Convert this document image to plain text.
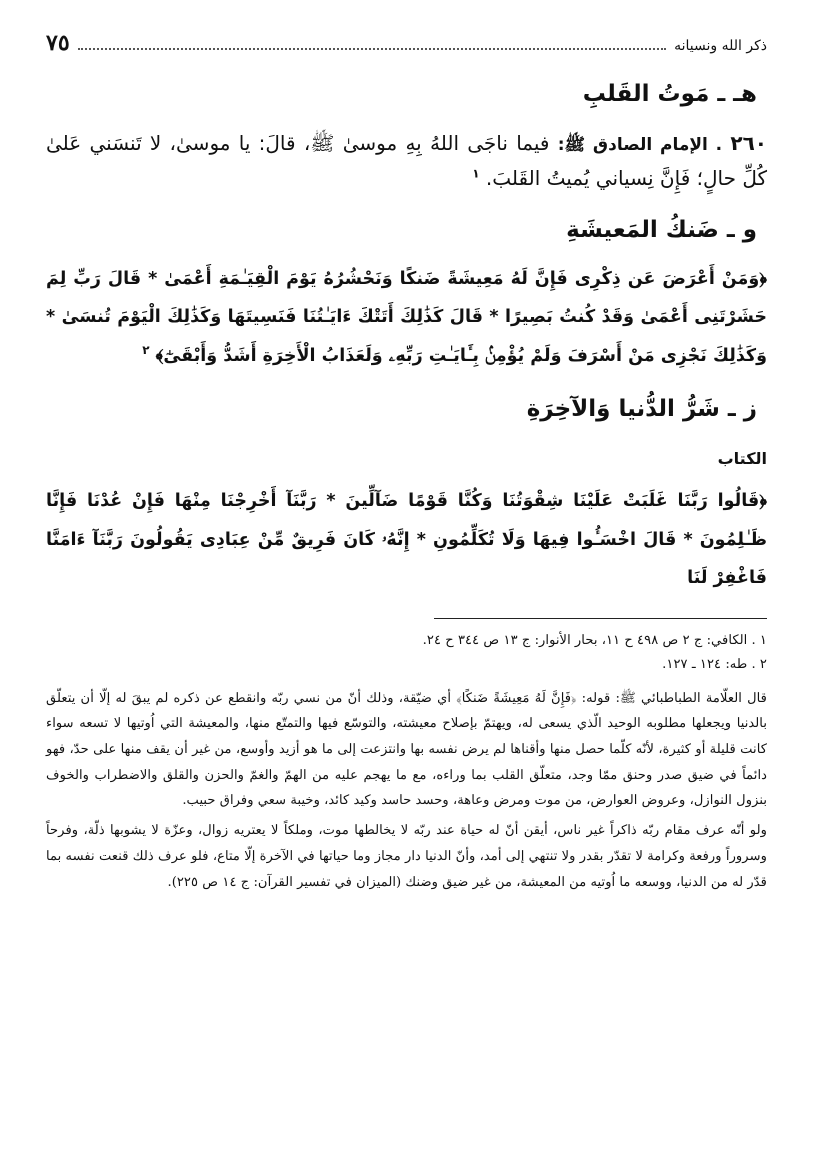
ذكر الله ونسيانه
٧٥
هـ ـ مَوتُ القَلبِ

٢٦٠ . الإمام الصادق ﷺ: فيما ناجَى اللهُ بِهِ موسىٰ ﷺ، قالَ: يا موسىٰ، لا تَنسَني عَلىٰ كُلِّ حالٍ؛ فَإِنَّ نِسياني يُميتُ القَلبَ. $^١$

و ـ ضَنكُ المَعيشَةِ

﴿وَمَنْ أَعْرَضَ عَن ذِكْرِى فَإِنَّ لَهُ مَعِيشَةً ضَنكًا وَنَحْشُرُهُ يَوْمَ الْقِيَـٰمَةِ أَعْمَىٰ * قَالَ رَبِّ لِمَ حَشَرْتَنِى أَعْمَىٰ وَقَدْ كُنتُ بَصِيرًا * قَالَ كَذَٰلِكَ أَتَتْكَ ءَايَـٰتُنَا فَنَسِيتَهَا وَكَذَٰلِكَ الْيَوْمَ تُنسَىٰ * وَكَذَٰلِكَ نَجْزِى مَنْ أَسْرَفَ وَلَمْ يُؤْمِنۢ بِـَٔايَـٰتِ رَبِّهِۦ وَلَعَذَابُ الْأَخِرَةِ أَشَدُّ وَأَبْقَىٰٓ﴾ $^٢$

ز ـ شَرُّ الدُّنيا وَالآخِرَةِ
الكتاب

﴿قَالُوا رَبَّنَا غَلَبَتْ عَلَيْنَا شِقْوَتُنَا وَكُنَّا قَوْمًا ضَآلِّينَ * رَبَّنَآ أَخْرِجْنَا مِنْهَا فَإِنْ عُدْنَا فَإِنَّا ظَـٰلِمُونَ * قَالَ اخْسَـُٔوا فِيهَا وَلَا تُكَلِّمُونِ * إِنَّهُۥ كَانَ فَرِيقٌ مِّنْ عِبَادِى يَقُولُونَ رَبَّنَآ ءَامَنَّا فَاغْفِرْ لَنَا

١ . الكافي: ج ٢ ص ٤٩٨ ح ١١، بحار الأنوار: ج ١٣ ص ٣٤٤ ح ٢٤.

٢ . طه: ١٢٤ ـ ١٢٧.

قال العلّامة الطباطبائي ﷺ: قوله: ﴿فَإِنَّ لَهُ مَعِيشَةً ضَنكًا﴾ أي ضيّقة، وذلك أنّ من نسي ربّه وانقطع عن ذكره لم يبقَ له إلّا أن يتعلّق بالدنيا ويجعلها مطلوبه الوحيد الّذي يسعى له، ويهتمّ بإصلاح معيشته، والتوسّع فيها والتمتّع منها، والمعيشة التي اُوتيها لا تسعه سواء كانت قليلة أو كثيرة، لأنّه كلّما حصل منها وأقناها لم يرض نفسه بها وانتزعت إلى ما هو أزيد وأوسع، من غير أن يقف منها على حدّ، فهو دائماً في ضيق صدر وحنق ممّا وجد، متعلّق القلب بما وراءه، مع ما يهجم عليه من الهمّ والغمّ والحزن والقلق والاضطراب والخوف بنزول النوازل، وعروض العوارض، من موت ومرض وعاهة، وحسد حاسد وكيد كائد، وخيبة سعي وفراق حبيب.

ولو أنّه عرف مقام ربّه ذاكراً غير ناس، أيقن أنّ له حياة عند ربّه لا يخالطها موت، وملكاً لا يعتريه زوال، وعزّة لا يشوبها ذلّة، وفرحاً وسروراً ورفعة وكرامة لا تقدّر بقدر ولا تنتهي إلى أمد، وأنّ الدنيا دار مجاز وما حياتها في الآخرة إلّا متاع، فلو عرف ذلك قنعت نفسه بما قدّر له من الدنيا، ووسعه ما اُوتيه من المعيشة، من غير ضيق وضنك (الميزان في تفسير القرآن: ج ١٤ ص ٢٢٥).
